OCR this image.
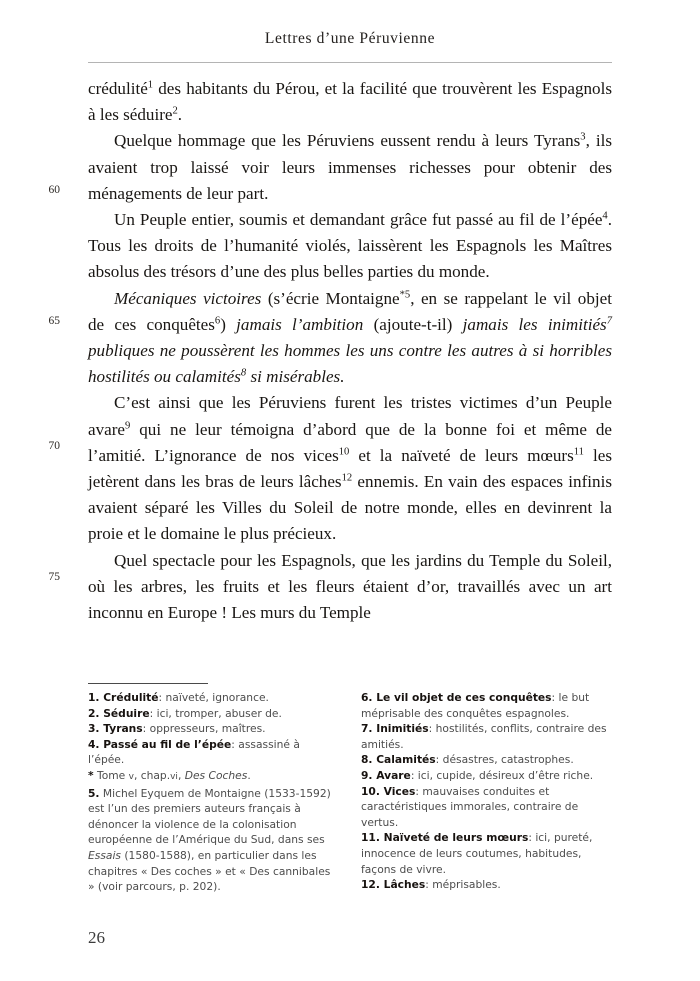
Lettres d’une Péruvienne
60
65
70
75

crédulité$^1$ des habitants du Pérou, et la facilité que trouvèrent les Espagnols à les séduire$^2$.

Quelque hommage que les Péruviens eussent rendu à leurs Tyrans$^3$, ils avaient trop laissé voir leurs immenses richesses pour obtenir des ménagements de leur part.

Un Peuple entier, soumis et demandant grâce fut passé au fil de l’épée$^4$. Tous les droits de l’humanité violés, laissèrent les Espagnols les Maîtres absolus des trésors d’une des plus belles parties du monde.

Mécaniques victoires (s’écrie Montaigne$^{*5}$, en se rappelant le vil objet de ces conquêtes$^6$) jamais l’ambition (ajoute-t-il) jamais les inimitiés$^7$ publiques ne poussèrent les hommes les uns contre les autres à si horribles hostilités ou calamités$^8$ si misérables.

C’est ainsi que les Péruviens furent les tristes victimes d’un Peuple avare$^9$ qui ne leur témoigna d’abord que de la bonne foi et même de l’amitié. L’ignorance de nos vices$^{10}$ et la naïveté de leurs mœurs$^{11}$ les jetèrent dans les bras de leurs lâches$^{12}$ ennemis. En vain des espaces infinis avaient séparé les Villes du Soleil de notre monde, elles en devinrent la proie et le domaine le plus précieux.

Quel spectacle pour les Espagnols, que les jardins du Temple du Soleil, où les arbres, les fruits et les fleurs étaient d’or, travaillés avec un art inconnu en Europe ! Les murs du Temple

1. Crédulité: naïveté, ignorance.

2. Séduire: ici, tromper, abuser de.

3. Tyrans: oppresseurs, maîtres.

4. Passé au fil de l’épée: assassiné à l’épée.

* Tome v, chap.vi, Des Coches.

5. Michel Eyquem de Montaigne (1533-1592) est l’un des premiers auteurs français à dénoncer la violence de la colonisation européenne de l’Amérique du Sud, dans ses Essais (1580-1588), en particulier dans les chapitres « Des coches » et « Des cannibales » (voir parcours, p. 202).

6. Le vil objet de ces conquêtes: le but méprisable des conquêtes espagnoles.

7. Inimitiés: hostilités, conflits, contraire des amitiés.

8. Calamités: désastres, catastrophes.

9. Avare: ici, cupide, désireux d’être riche.

10. Vices: mauvaises conduites et caractéristiques immorales, contraire de vertus.

11. Naïveté de leurs mœurs: ici, pureté, innocence de leurs coutumes, habitudes, façons de vivre.

12. Lâches: méprisables.

26
